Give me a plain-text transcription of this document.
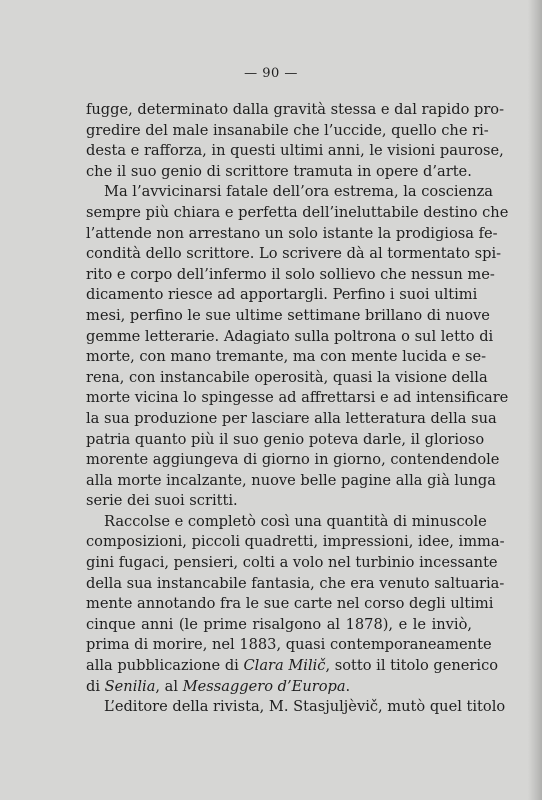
— 90 —

fugge, determinato dalla gravità stessa e dal rapido pro-
gredire del male insanabile che l’uccide, quello che ri-
desta e rafforza, in questi ultimi anni, le visioni paurose,
che il suo genio di scrittore tramuta in opere d’arte.

Ma l’avvicinarsi fatale dell’ora estrema, la coscienza
sempre più chiara e perfetta dell’ineluttabile destino che
l’attende non arrestano un solo istante la prodigiosa fe-
condità dello scrittore. Lo scrivere dà al tormentato spi-
rito e corpo dell’infermo il solo sollievo che nessun me-
dicamento riesce ad apportargli. Perfino i suoi ultimi
mesi, perfino le sue ultime settimane brillano di nuove
gemme letterarie. Adagiato sulla poltrona o sul letto di
morte, con mano tremante, ma con mente lucida e se-
rena, con instancabile operosità, quasi la visione della
morte vicina lo spingesse ad affrettarsi e ad intensificare
la sua produzione per lasciare alla letteratura della sua
patria quanto più il suo genio poteva darle, il glorioso
morente aggiungeva di giorno in giorno, contendendole
alla morte incalzante, nuove belle pagine alla già lunga
serie dei suoi scritti.

Raccolse e completò così una quantità di minuscole
composizioni, piccoli quadretti, impressioni, idee, imma-
gini fugaci, pensieri, colti a volo nel turbinio incessante
della sua instancabile fantasia, che era venuto saltuaria-
mente annotando fra le sue carte nel corso degli ultimi
cinque anni (le prime risalgono al 1878), e le inviò,
prima di morire, nel 1883, quasi contemporaneamente
alla pubblicazione di Clara Milič, sotto il titolo generico
di Senilia, al Messaggero d’Europa.

L’editore della rivista, M. Stasjuljèvič, mutò quel titolo
